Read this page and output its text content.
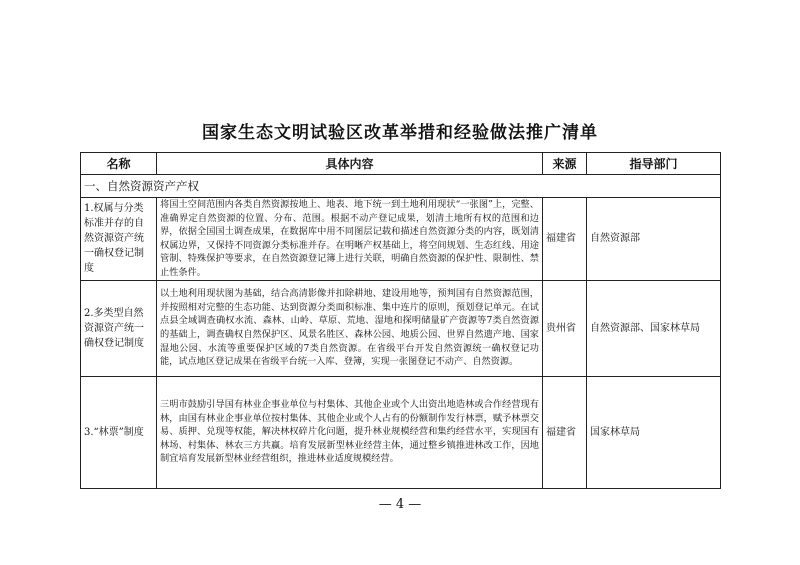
国家生态文明试验区改革举措和经验做法推广清单
名称	具体内容	来源	指导部门
一、自然资源资产产权			
1.权属与分类标准并存的自然资源资产统一确权登记制度	将国土空间范围内各类自然资源按地上、地表、地下统一到土地利用现状“一张图”上，完整、准确界定自然资源的位置、分布、范围。根据不动产登记成果，划清土地所有权的范围和边界，依据全国国土调查成果，在数据库中用不同图层记载和描述自然资源分类的内容，既划清权属边界，又保持不同资源分类标准并存。在明晰产权基础上，将空间规划、生态红线、用途管制、特殊保护等要求，在自然资源登记簿上进行关联，明确自然资源的保护性、限制性、禁止性条件。	福建省	自然资源部
2.多类型自然资源资产统一确权登记制度	以土地利用现状图为基础，结合高清影像并扣除耕地、建设用地等，预判国有自然资源范围，并按照相对完整的生态功能、达到资源分类面积标准、集中连片的原则，预划登记单元。在试点县全域调查确权水流、森林、山岭、草原、荒地、湿地和探明储量矿产资源等7类自然资源的基础上，调查确权自然保护区、风景名胜区、森林公园、地质公园、世界自然遗产地、国家湿地公园、水流等重要保护区域的7类自然资源。在省级平台开发自然资源统一确权登记功能，试点地区登记成果在省级平台统一入库、登簿，实现一张图登记不动产、自然资源。	贵州省	自然资源部、国家林草局
3.“林票”制度	三明市鼓励引导国有林业企事业单位与村集体、其他企业或个人出资出地造林或合作经营现有林，由国有林业企事业单位按村集体、其他企业或个人占有的份额制作发行林票，赋予林票交易、质押、兑现等权能，解决林权碎片化问题，提升林业规模经营和集约经营水平，实现国有林场、村集体、林农三方共赢。培育发展新型林业经营主体，通过整乡镇推进林改工作，因地制宜培育发展新型林业经营组织，推进林业适度规模经营。	福建省	国家林草局
— 4 —
